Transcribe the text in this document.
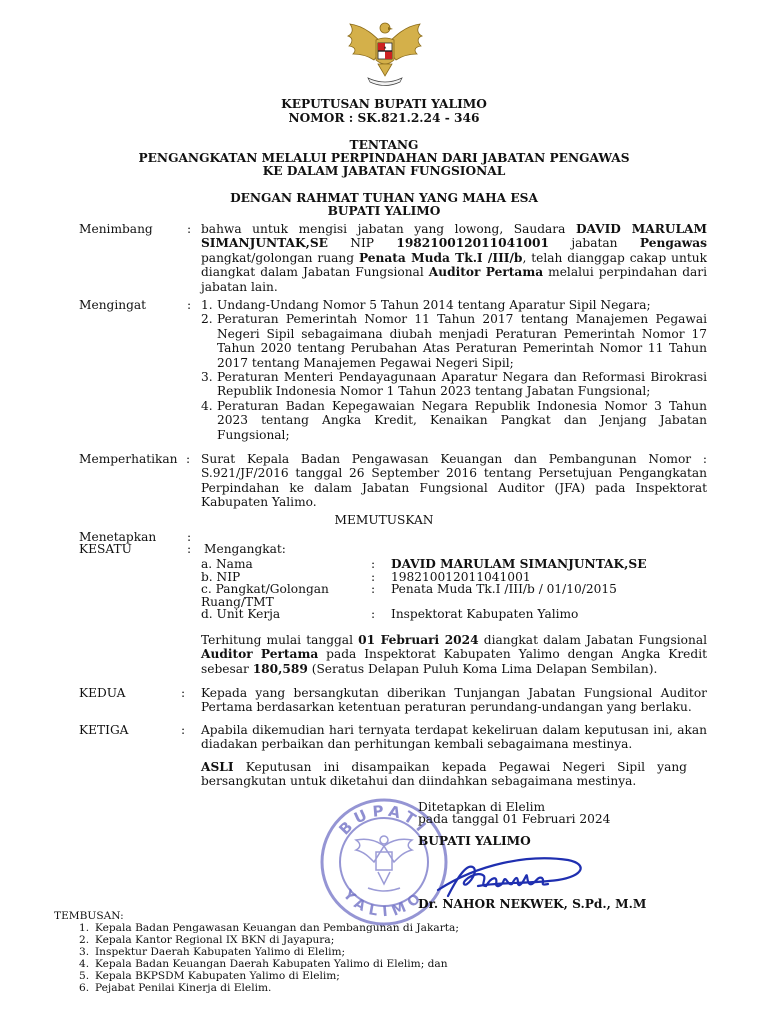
KEPUTUSAN BUPATI YALIMO
NOMOR : SK.821.2.24 - 346
TENTANG
PENGANGKATAN MELALUI PERPINDAHAN DARI JABATAN PENGAWAS
KE DALAM JABATAN FUNGSIONAL
DENGAN RAHMAT TUHAN YANG MAHA ESA
BUPATI YALIMO
Menimbang	: bahwa untuk mengisi jabatan yang lowong, Saudara DAVID MARULAM SIMANJUNTAK,SE NIP 198210012011041001 jabatan Pengawas pangkat/golongan ruang Penata Muda Tk.I /III/b, telah dianggap cakap untuk diangkat dalam Jabatan Fungsional Auditor Pertama melalui perpindahan dari jabatan lain.
Mengingat	: 1. Undang-Undang Nomor 5 Tahun 2014 tentang Aparatur Sipil Negara;
2. Peraturan Pemerintah Nomor 11 Tahun 2017 tentang Manajemen Pegawai Negeri Sipil sebagaimana diubah menjadi Peraturan Pemerintah Nomor 17 Tahun 2020 tentang Perubahan Atas Peraturan Pemerintah Nomor 11 Tahun 2017 tentang Manajemen Pegawai Negeri Sipil;
3. Peraturan Menteri Pendayagunaan Aparatur Negara dan Reformasi Birokrasi Republik Indonesia Nomor 1 Tahun 2023 tentang Jabatan Fungsional;
4. Peraturan Badan Kepegawaian Negara Republik Indonesia Nomor 3 Tahun 2023 tentang Angka Kredit, Kenaikan Pangkat dan Jenjang Jabatan Fungsional;
Memperhatikan : Surat Kepala Badan Pengawasan Keuangan dan Pembangunan Nomor : S.921/JF/2016 tanggal 26 September 2016 tentang Persetujuan Pengangkatan Perpindahan ke dalam Jabatan Fungsional Auditor (JFA) pada Inspektorat Kabupaten Yalimo.
MEMUTUSKAN
Menetapkan	:
KESATU	: Mengangkat:
a. Nama	:	DAVID MARULAM SIMANJUNTAK,SE
b. NIP	:	198210012011041001
c. Pangkat/Golongan Ruang/TMT	:	Penata Muda Tk.I /III/b / 01/10/2015
d. Unit Kerja	:	Inspektorat Kabupaten Yalimo
Terhitung mulai tanggal 01 Februari 2024 diangkat dalam Jabatan Fungsional Auditor Pertama pada Inspektorat Kabupaten Yalimo dengan Angka Kredit sebesar 180,589 (Seratus Delapan Puluh Koma Lima Delapan Sembilan).
KEDUA	: Kepada yang bersangkutan diberikan Tunjangan Jabatan Fungsional Auditor Pertama berdasarkan ketentuan peraturan perundang-undangan yang berlaku.
KETIGA	: Apabila dikemudian hari ternyata terdapat kekeliruan dalam keputusan ini, akan diadakan perbaikan dan perhitungan kembali sebagaimana mestinya.
ASLI Keputusan ini disampaikan kepada Pegawai Negeri Sipil yang bersangkutan untuk diketahui dan diindahkan sebagaimana mestinya.
BUPATI
YALIMO
Ditetapkan di Elelim
pada tanggal 01 Februari 2024
BUPATI YALIMO
Dr. NAHOR NEKWEK, S.Pd., M.M
TEMBUSAN:
1. Kepala Badan Pengawasan Keuangan dan Pembangunan di Jakarta;
2. Kepala Kantor Regional IX BKN di Jayapura;
3. Inspektur Daerah Kabupaten Yalimo di Elelim;
4. Kepala Badan Keuangan Daerah Kabupaten Yalimo di Elelim; dan
5. Kepala BKPSDM Kabupaten Yalimo di Elelim;
6. Pejabat Penilai Kinerja di Elelim.
